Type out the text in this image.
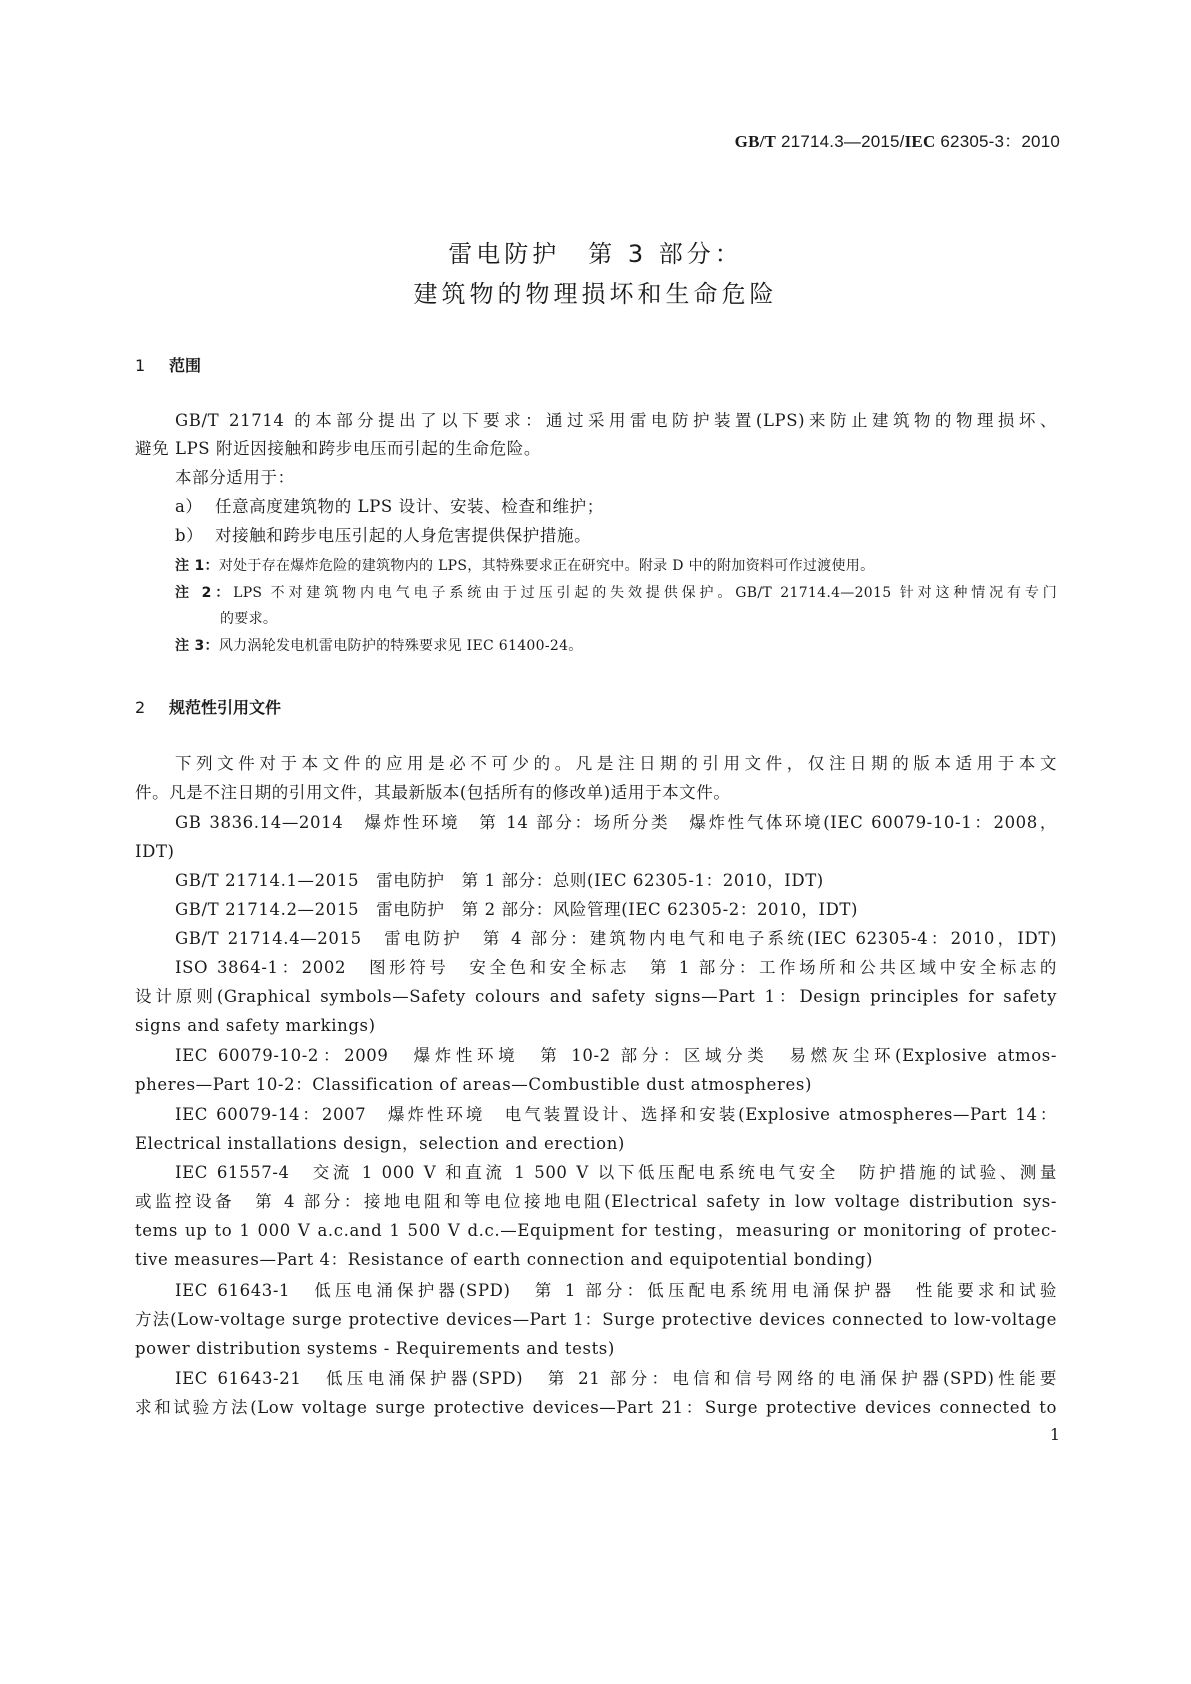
GB/T 21714.3—2015/IEC 62305-3：2010
雷电防护　第 3 部分：
建筑物的物理损坏和生命危险
1 范围
GB/T 21714 的本部分提出了以下要求：通过采用雷电防护装置(LPS)来防止建筑物的物理损坏、
避免 LPS 附近因接触和跨步电压而引起的生命危险。
本部分适用于：
a） 任意高度建筑物的 LPS 设计、安装、检查和维护；
b） 对接触和跨步电压引起的人身危害提供保护措施。
注 1：对处于存在爆炸危险的建筑物内的 LPS，其特殊要求正在研究中。附录 D 中的附加资料可作过渡使用。
注 2：LPS 不对建筑物内电气电子系统由于过压引起的失效提供保护。GB/T 21714.4—2015 针对这种情况有专门
的要求。
注 3：风力涡轮发电机雷电防护的特殊要求见 IEC 61400-24。
2 规范性引用文件
下列文件对于本文件的应用是必不可少的。凡是注日期的引用文件，仅注日期的版本适用于本文
件。凡是不注日期的引用文件，其最新版本(包括所有的修改单)适用于本文件。
GB 3836.14—2014　爆炸性环境　第 14 部分：场所分类　爆炸性气体环境(IEC 60079-10-1：2008，
IDT)
GB/T 21714.1—2015　雷电防护　第 1 部分：总则(IEC 62305-1：2010，IDT)
GB/T 21714.2—2015　雷电防护　第 2 部分：风险管理(IEC 62305-2：2010，IDT)
GB/T 21714.4—2015　雷电防护　第 4 部分：建筑物内电气和电子系统(IEC 62305-4：2010，IDT)
ISO 3864-1：2002　图形符号　安全色和安全标志　第 1 部分：工作场所和公共区域中安全标志的
设计原则(Graphical symbols—Safety colours and safety signs—Part 1：Design principles for safety
signs and safety markings)
IEC 60079-10-2：2009　爆炸性环境　第 10-2 部分：区域分类　易燃灰尘环(Explosive atmos-
pheres—Part 10-2：Classification of areas—Combustible dust atmospheres)
IEC 60079-14：2007　爆炸性环境　电气装置设计、选择和安装(Explosive atmospheres—Part 14：
Electrical installations design，selection and erection)
IEC 61557-4　交流 1 000 V 和直流 1 500 V 以下低压配电系统电气安全　防护措施的试验、测量
或监控设备　第 4 部分：接地电阻和等电位接地电阻(Electrical safety in low voltage distribution sys-
tems up to 1 000 V a.c.and 1 500 V d.c.—Equipment for testing，measuring or monitoring of protec-
tive measures—Part 4：Resistance of earth connection and equipotential bonding)
IEC 61643-1　低压电涌保护器(SPD)　第 1 部分：低压配电系统用电涌保护器　性能要求和试验
方法(Low-voltage surge protective devices—Part 1：Surge protective devices connected to low-voltage
power distribution systems - Requirements and tests)
IEC 61643-21　低压电涌保护器(SPD)　第 21 部分：电信和信号网络的电涌保护器(SPD)性能要
求和试验方法(Low voltage surge protective devices—Part 21：Surge protective devices connected to
1
